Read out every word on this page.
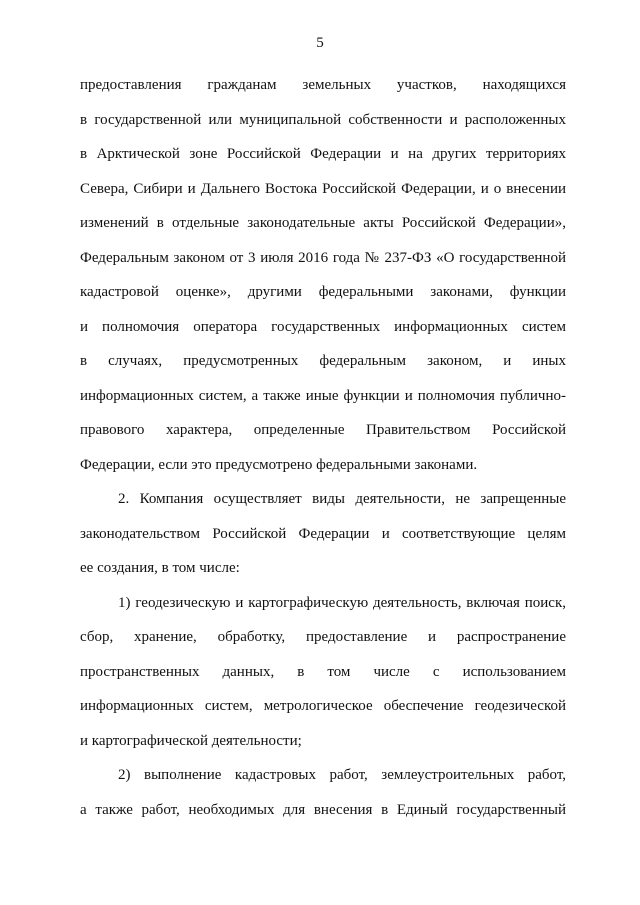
5
предоставления гражданам земельных участков, находящихся
в государственной или муниципальной собственности и расположенных
в Арктической зоне Российской Федерации и на других территориях
Севера, Сибири и Дальнего Востока Российской Федерации, и о внесении
изменений в отдельные законодательные акты Российской Федерации»,
Федеральным законом от 3 июля 2016 года № 237-ФЗ «О государственной
кадастровой оценке», другими федеральными законами, функции
и полномочия оператора государственных информационных систем
в случаях, предусмотренных федеральным законом, и иных
информационных систем, а также иные функции и полномочия публично-
правового характера, определенные Правительством Российской
Федерации, если это предусмотрено федеральными законами.
2. Компания осуществляет виды деятельности, не запрещенные
законодательством Российской Федерации и соответствующие целям
ее создания, в том числе:
1) геодезическую и картографическую деятельность, включая поиск,
сбор, хранение, обработку, предоставление и распространение
пространственных данных, в том числе с использованием
информационных систем, метрологическое обеспечение геодезической
и картографической деятельности;
2) выполнение кадастровых работ, землеустроительных работ,
а также работ, необходимых для внесения в Единый государственный
